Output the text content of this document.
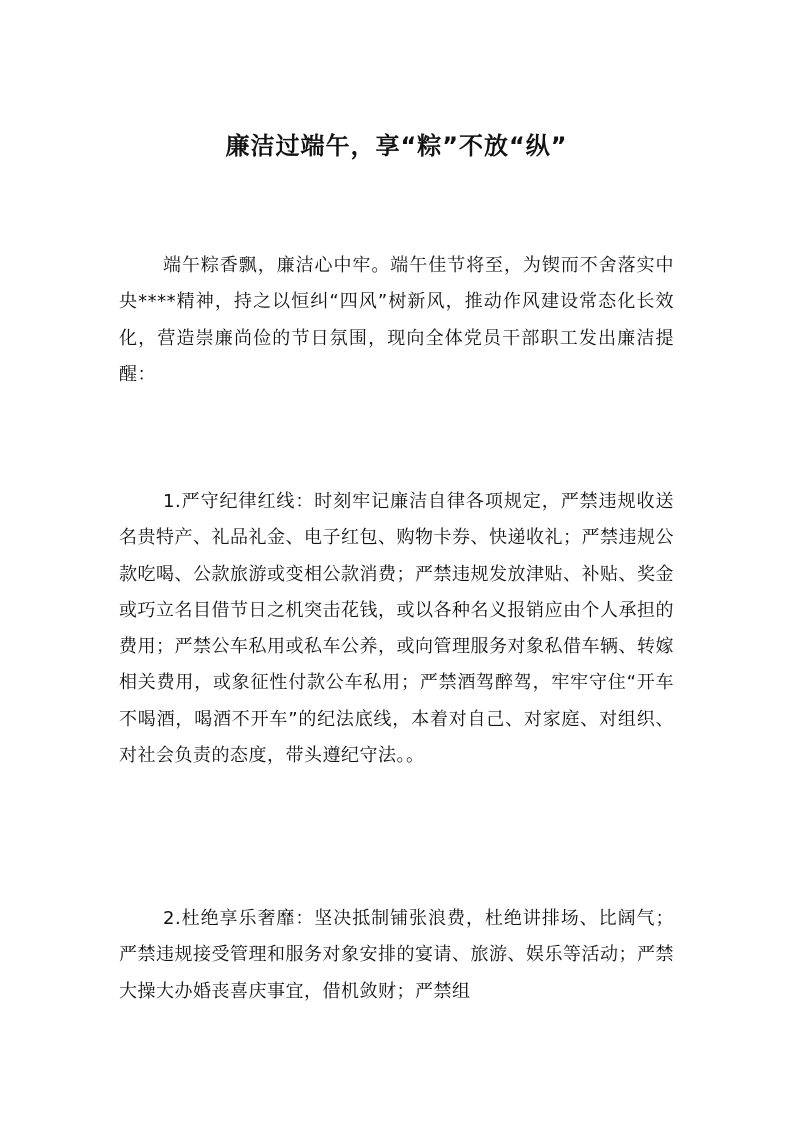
廉洁过端午，享“粽”不放“纵”

端午粽香飘，廉洁心中牢。端午佳节将至，为锲而不舍落实中央****精神，持之以恒纠“四风”树新风，推动作风建设常态化长效化，营造崇廉尚俭的节日氛围，现向全体党员干部职工发出廉洁提醒：

1.严守纪律红线：时刻牢记廉洁自律各项规定，严禁违规收送名贵特产、礼品礼金、电子红包、购物卡券、快递收礼；严禁违规公款吃喝、公款旅游或变相公款消费；严禁违规发放津贴、补贴、奖金或巧立名目借节日之机突击花钱，或以各种名义报销应由个人承担的费用；严禁公车私用或私车公养，或向管理服务对象私借车辆、转嫁相关费用，或象征性付款公车私用；严禁酒驾醉驾，牢牢守住“开车不喝酒，喝酒不开车”的纪法底线，本着对自己、对家庭、对组织、对社会负责的态度，带头遵纪守法。。

2.杜绝享乐奢靡：坚决抵制铺张浪费，杜绝讲排场、比阔气；严禁违规接受管理和服务对象安排的宴请、旅游、娱乐等活动；严禁大操大办婚丧喜庆事宜，借机敛财；严禁组
